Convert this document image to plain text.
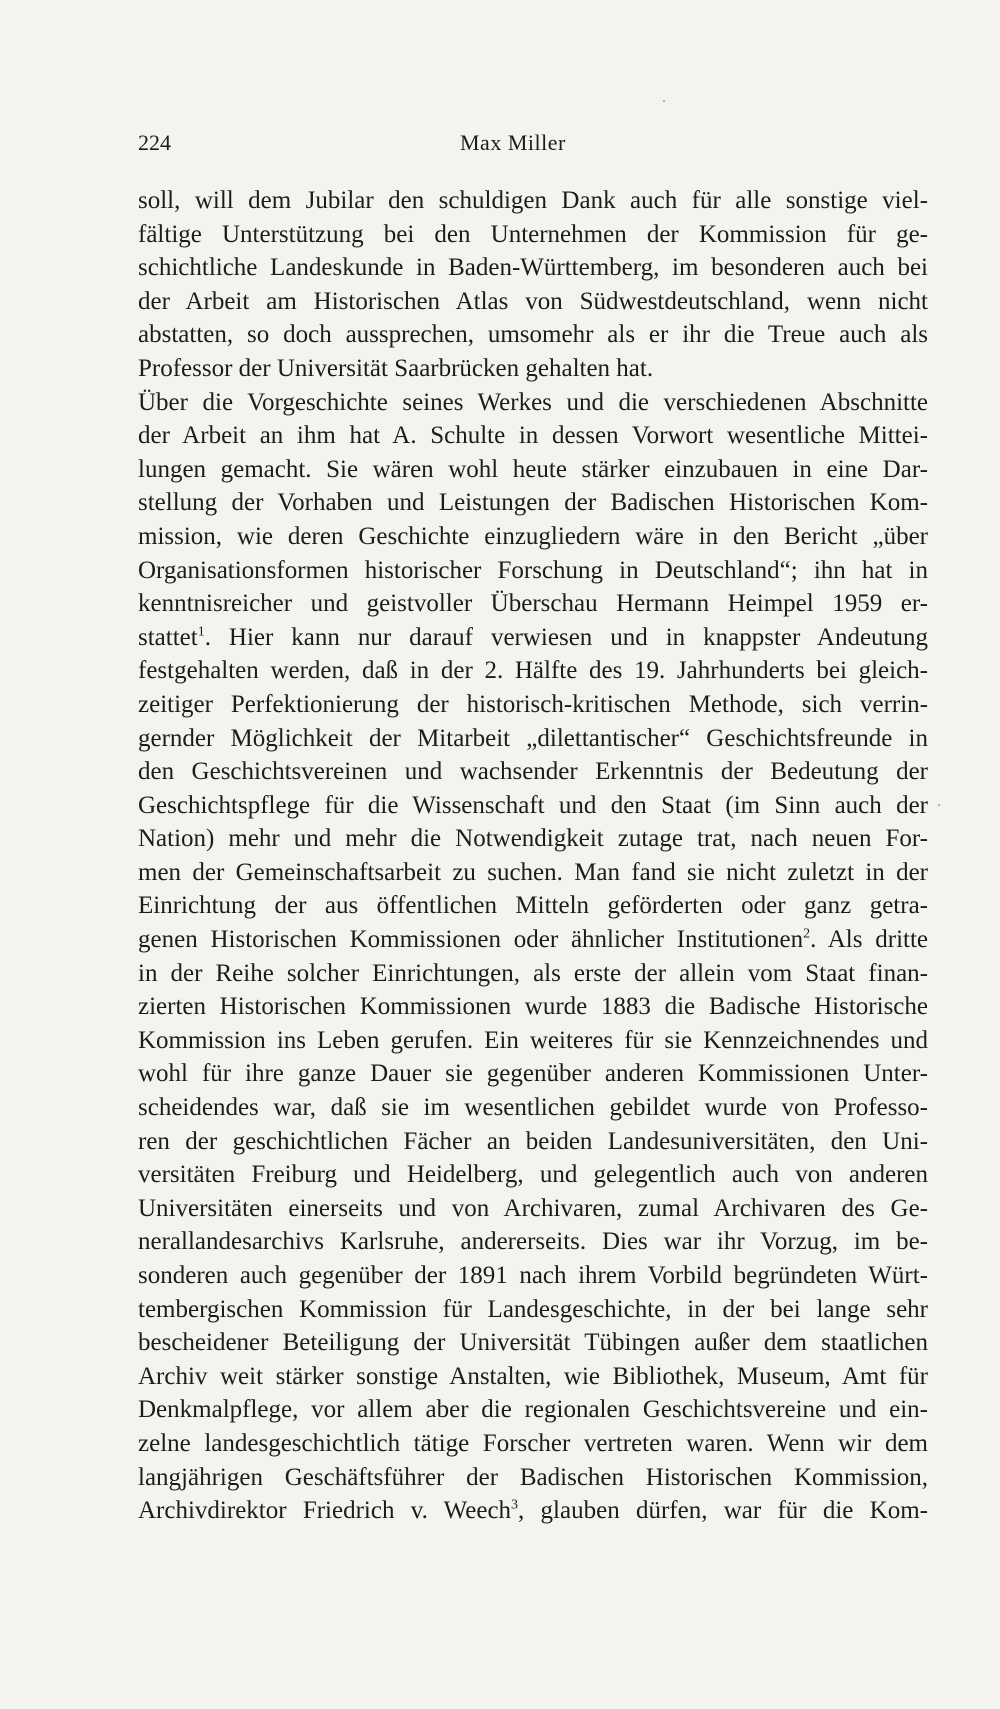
224	Max Miller
soll, will dem Jubilar den schuldigen Dank auch für alle sonstige viel-
fältige Unterstützung bei den Unternehmen der Kommission für ge-
schichtliche Landeskunde in Baden-Württemberg, im besonderen auch bei
der Arbeit am Historischen Atlas von Südwestdeutschland, wenn nicht
abstatten, so doch aussprechen, umsomehr als er ihr die Treue auch als
Professor der Universität Saarbrücken gehalten hat.
Über die Vorgeschichte seines Werkes und die verschiedenen Abschnitte
der Arbeit an ihm hat A. Schulte in dessen Vorwort wesentliche Mittei-
lungen gemacht. Sie wären wohl heute stärker einzubauen in eine Dar-
stellung der Vorhaben und Leistungen der Badischen Historischen Kom-
mission, wie deren Geschichte einzugliedern wäre in den Bericht „über
Organisationsformen historischer Forschung in Deutschland“; ihn hat in
kenntnisreicher und geistvoller Überschau Hermann Heimpel 1959 er-
stattet$^1$. Hier kann nur darauf verwiesen und in knappster Andeutung
festgehalten werden, daß in der 2. Hälfte des 19. Jahrhunderts bei gleich-
zeitiger Perfektionierung der historisch-kritischen Methode, sich verrin-
gernder Möglichkeit der Mitarbeit „dilettantischer“ Geschichtsfreunde in
den Geschichtsvereinen und wachsender Erkenntnis der Bedeutung der
Geschichtspflege für die Wissenschaft und den Staat (im Sinn auch der
Nation) mehr und mehr die Notwendigkeit zutage trat, nach neuen For-
men der Gemeinschaftsarbeit zu suchen. Man fand sie nicht zuletzt in der
Einrichtung der aus öffentlichen Mitteln geförderten oder ganz getra-
genen Historischen Kommissionen oder ähnlicher Institutionen$^2$. Als dritte
in der Reihe solcher Einrichtungen, als erste der allein vom Staat finan-
zierten Historischen Kommissionen wurde 1883 die Badische Historische
Kommission ins Leben gerufen. Ein weiteres für sie Kennzeichnendes und
wohl für ihre ganze Dauer sie gegenüber anderen Kommissionen Unter-
scheidendes war, daß sie im wesentlichen gebildet wurde von Professo-
ren der geschichtlichen Fächer an beiden Landesuniversitäten, den Uni-
versitäten Freiburg und Heidelberg, und gelegentlich auch von anderen
Universitäten einerseits und von Archivaren, zumal Archivaren des Ge-
nerallandesarchivs Karlsruhe, andererseits. Dies war ihr Vorzug, im be-
sonderen auch gegenüber der 1891 nach ihrem Vorbild begründeten Würt-
tembergischen Kommission für Landesgeschichte, in der bei lange sehr
bescheidener Beteiligung der Universität Tübingen außer dem staatlichen
Archiv weit stärker sonstige Anstalten, wie Bibliothek, Museum, Amt für
Denkmalpflege, vor allem aber die regionalen Geschichtsvereine und ein-
zelne landesgeschichtlich tätige Forscher vertreten waren. Wenn wir dem
langjährigen Geschäftsführer der Badischen Historischen Kommission,
Archivdirektor Friedrich v. Weech$^3$, glauben dürfen, war für die Kom-
